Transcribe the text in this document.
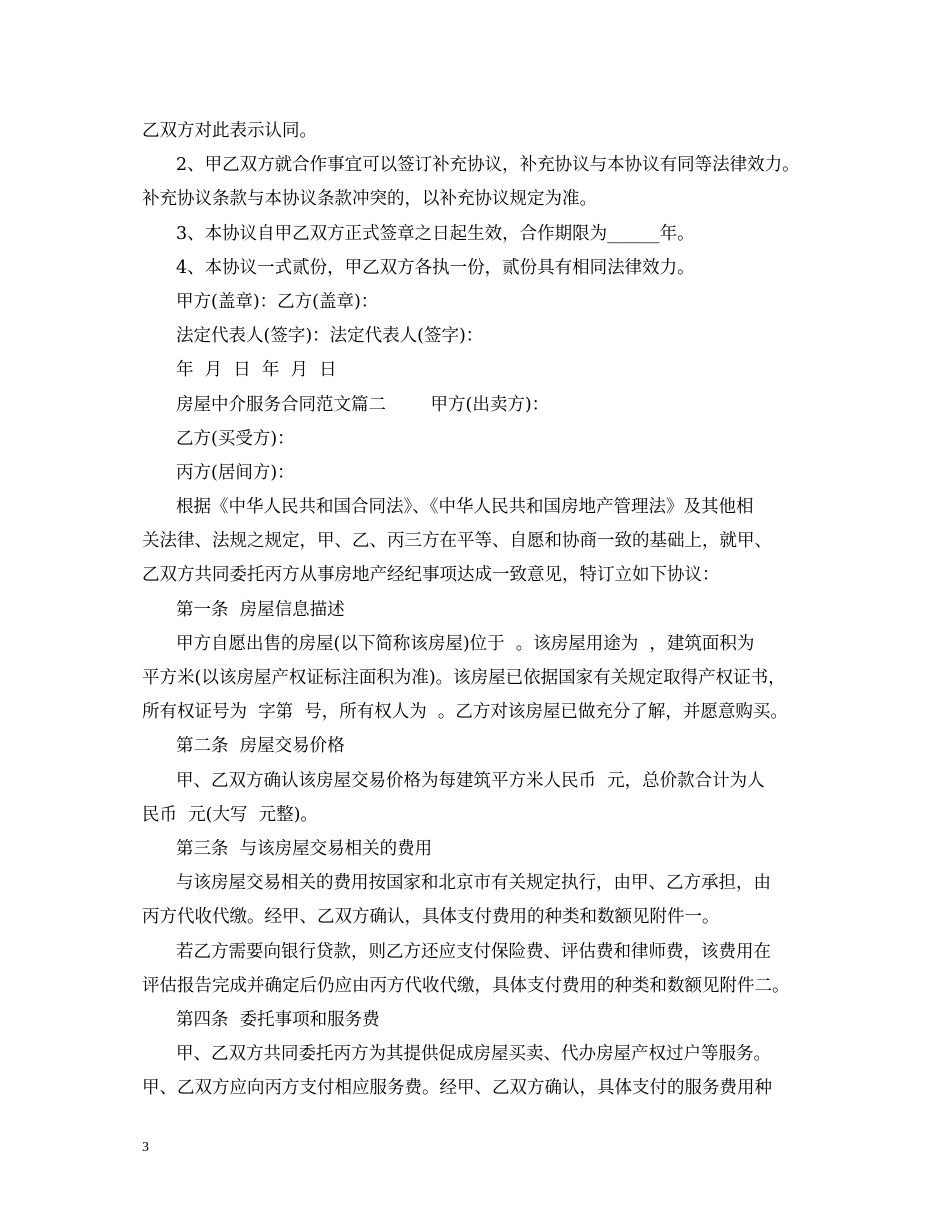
乙双方对此表示认同。
2、甲乙双方就合作事宜可以签订补充协议，补充协议与本协议有同等法律效力。
补充协议条款与本协议条款冲突的，以补充协议规定为准。
3、本协议自甲乙双方正式签章之日起生效，合作期限为______年。
4、本协议一式贰份，甲乙双方各执一份，贰份具有相同法律效力。
甲方(盖章)：乙方(盖章)：
法定代表人(签字)：法定代表人(签字)：
年  月  日  年  月  日
房屋中介服务合同范文篇二        甲方(出卖方)：
乙方(买受方)：
丙方(居间方)：
根据《中华人民共和国合同法》、《中华人民共和国房地产管理法》及其他相
关法律、法规之规定，甲、乙、丙三方在平等、自愿和协商一致的基础上，就甲、
乙双方共同委托丙方从事房地产经纪事项达成一致意见，特订立如下协议：
第一条  房屋信息描述
甲方自愿出售的房屋(以下简称该房屋)位于  。该房屋用途为  ，建筑面积为
平方米(以该房屋产权证标注面积为准)。该房屋已依据国家有关规定取得产权证书，
所有权证号为  字第  号，所有权人为  。乙方对该房屋已做充分了解，并愿意购买。
第二条  房屋交易价格
甲、乙双方确认该房屋交易价格为每建筑平方米人民币  元，总价款合计为人
民币  元(大写  元整)。
第三条  与该房屋交易相关的费用
与该房屋交易相关的费用按国家和北京市有关规定执行，由甲、乙方承担，由
丙方代收代缴。经甲、乙双方确认，具体支付费用的种类和数额见附件一。
若乙方需要向银行贷款，则乙方还应支付保险费、评估费和律师费，该费用在
评估报告完成并确定后仍应由丙方代收代缴，具体支付费用的种类和数额见附件二。
第四条  委托事项和服务费
甲、乙双方共同委托丙方为其提供促成房屋买卖、代办房屋产权过户等服务。
甲、乙双方应向丙方支付相应服务费。经甲、乙双方确认，具体支付的服务费用种
3
